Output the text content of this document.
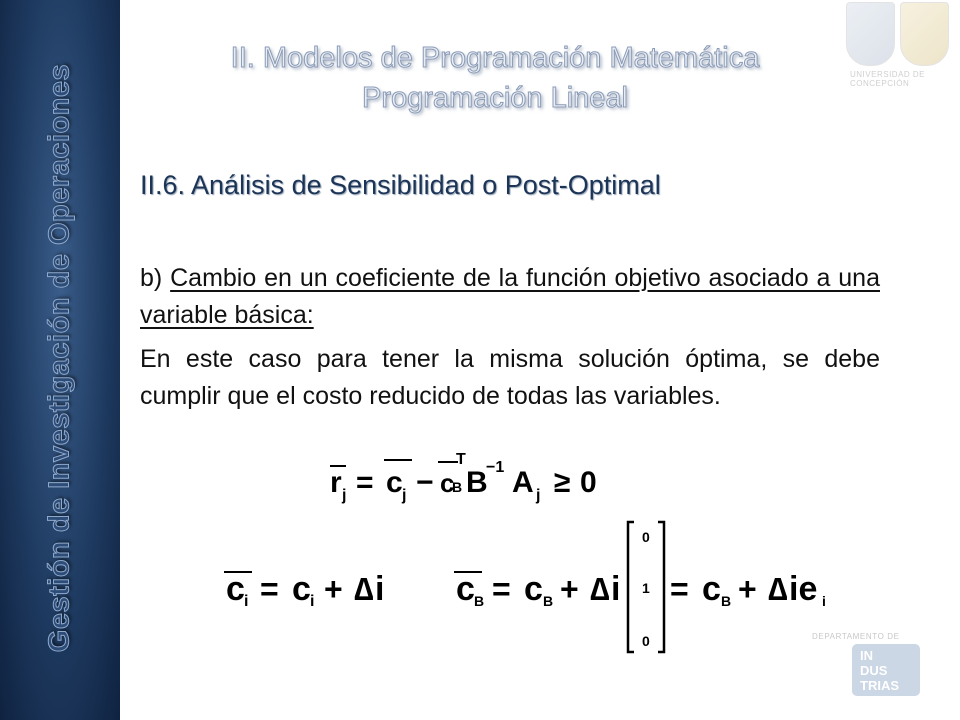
Gestión de Investigación de Operaciones	UNIVERSIDAD DE CONCEPCIÓN
II. Modelos de Programación Matemática
Programación Lineal
II.6. Análisis de Sensibilidad o Post-Optimal
b) Cambio en un coeficiente de la función objetivo asociado a una variable básica:
En este caso para tener la misma solución óptima, se debe cumplir que el costo reducido de todas las variables.
r j = c j − c
B
T
B
−1 A j ≥ 0
c i = c i + ∆ i c B = c B + ∆ i
0
1
0
= c B + ∆ ie i
DEPARTAMENTO DE
IN
DUS
TRIAS
